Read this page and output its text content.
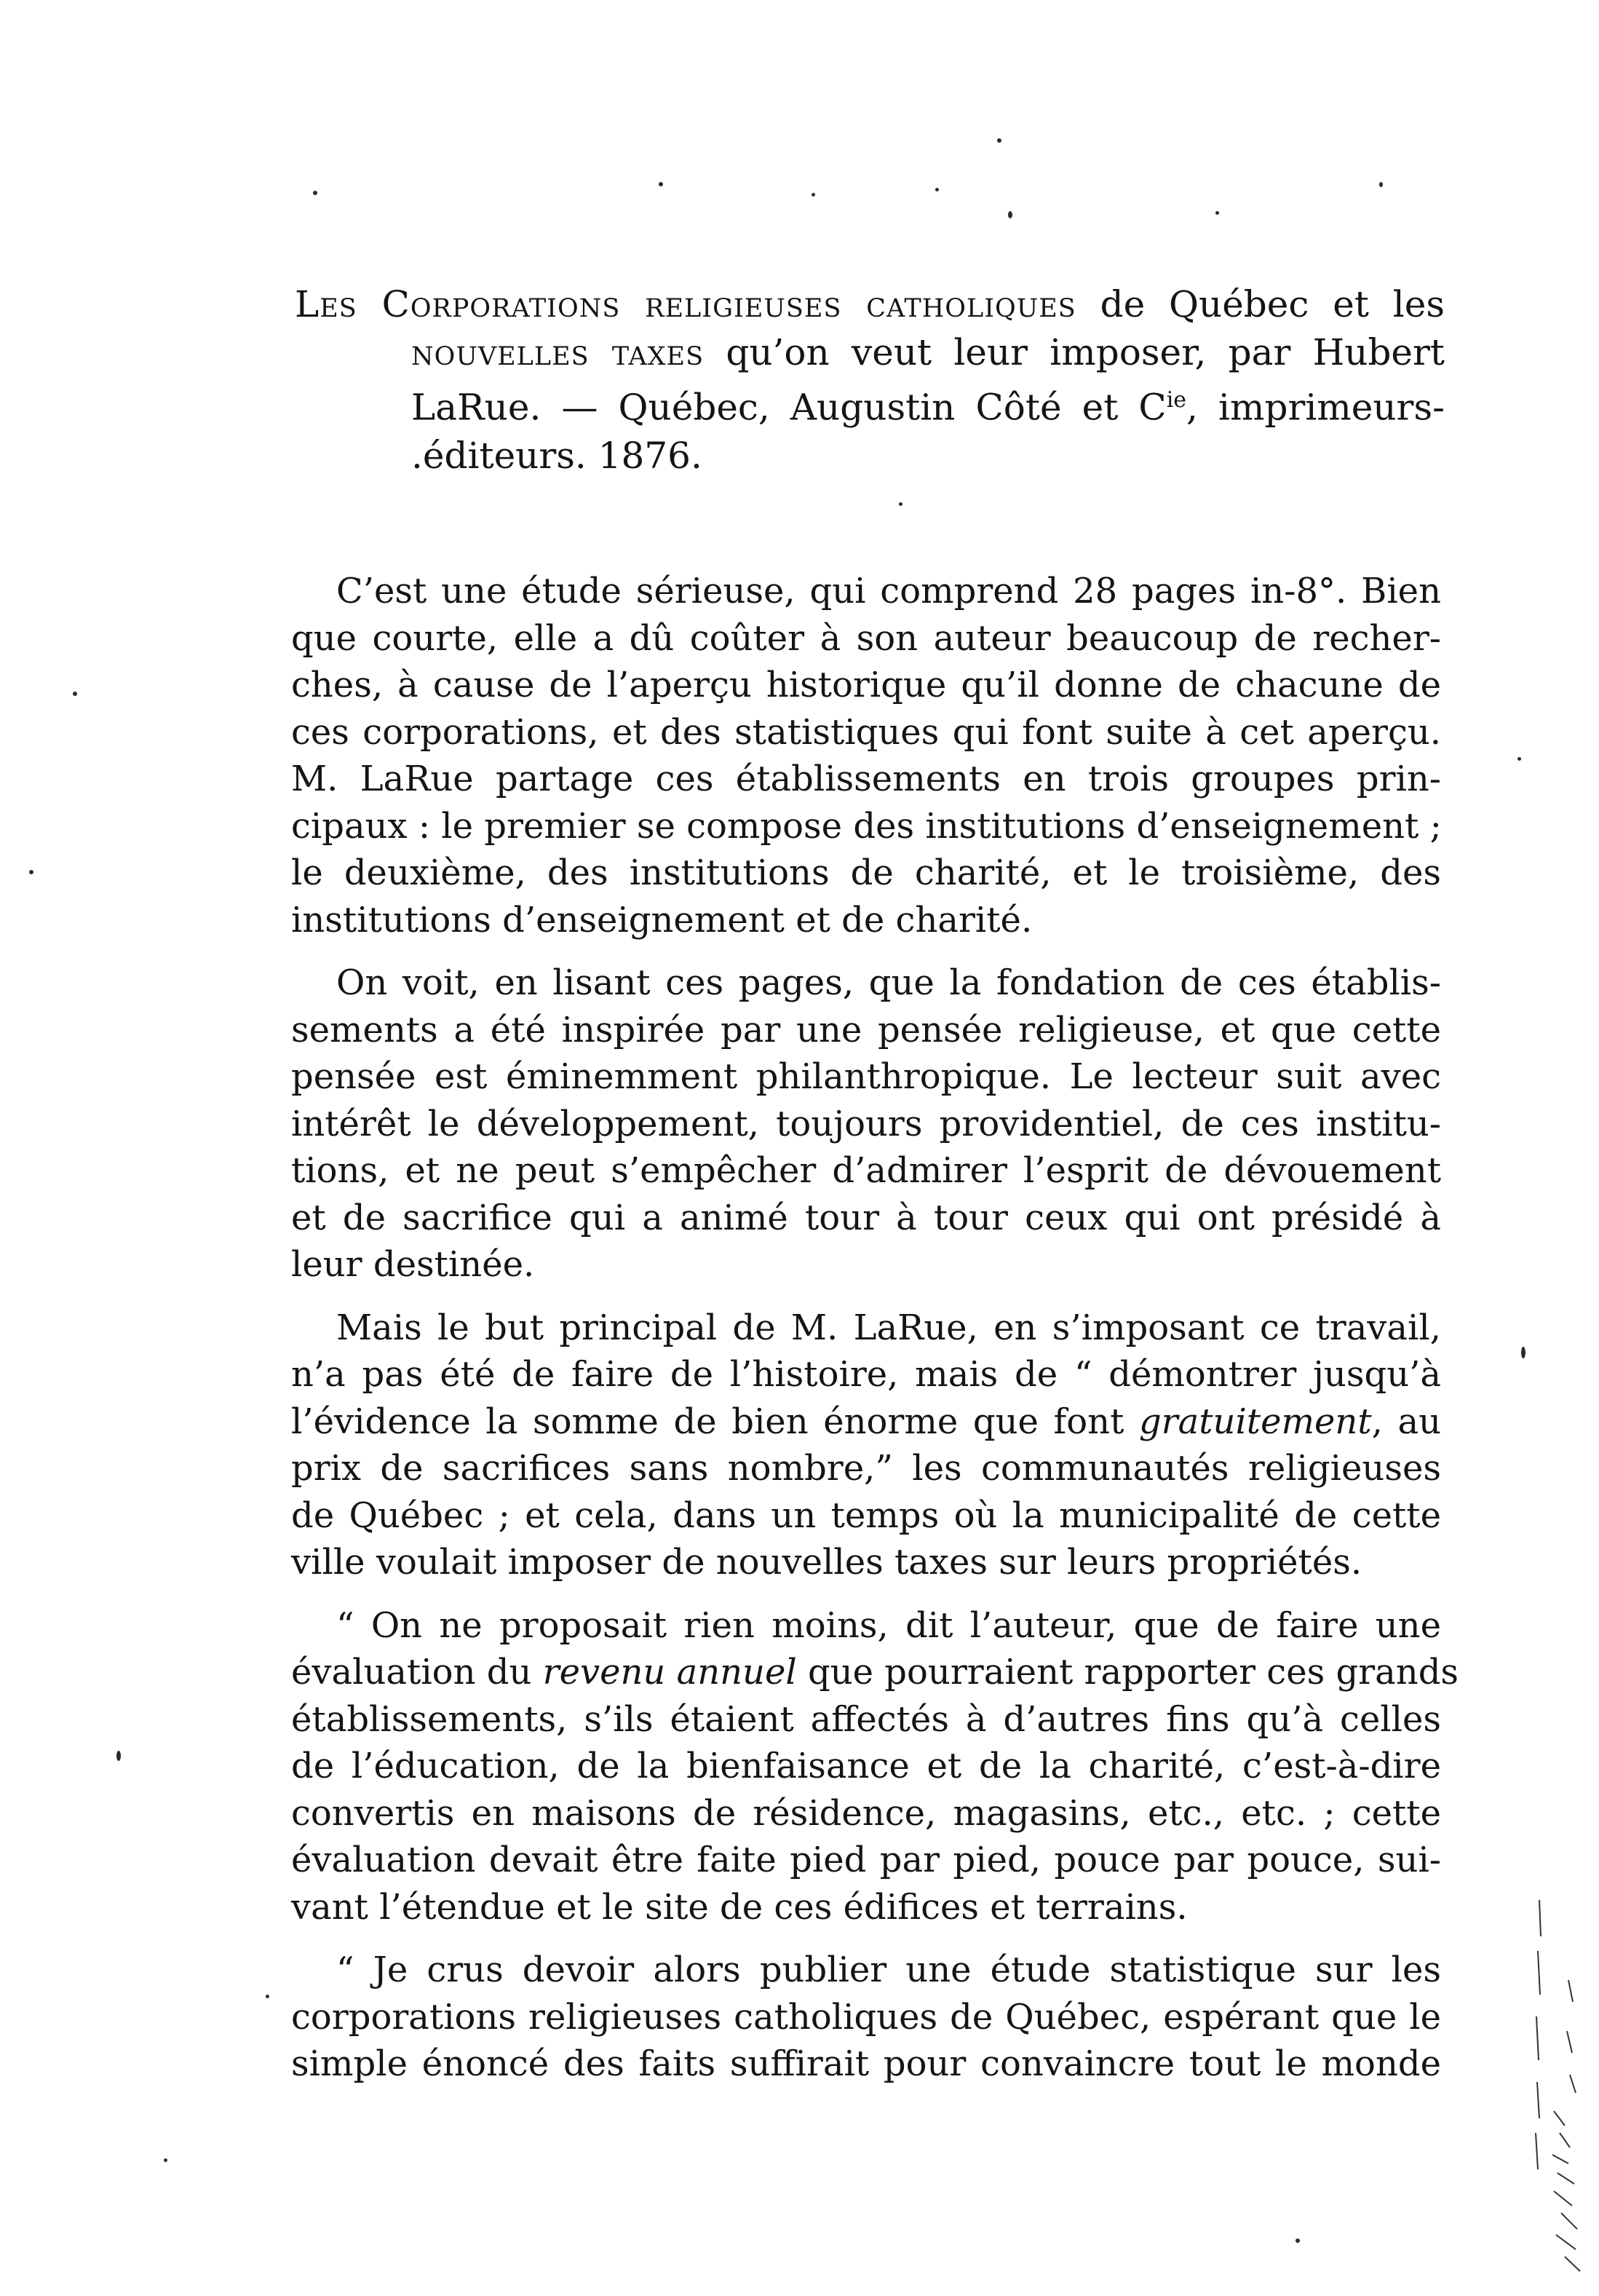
Les Corporations religieuses catholiques de Québec et les
nouvelles taxes qu’on veut leur imposer, par Hubert
LaRue. — Québec, Augustin Côté et $C^{ie}$, imprimeurs-
.éditeurs. 1876.
C’est une étude sérieuse, qui comprend 28 pages in-8°. Bien
que courte, elle a dû coûter à son auteur beaucoup de recher-
ches, à cause de l’aperçu historique qu’il donne de chacune de
ces corporations, et des statistiques qui font suite à cet aperçu.
M. LaRue partage ces établissements en trois groupes prin-
cipaux : le premier se compose des institutions d’enseignement ;
le deuxième, des institutions de charité, et le troisième, des
institutions d’enseignement et de charité.
On voit, en lisant ces pages, que la fondation de ces établis-
sements a été inspirée par une pensée religieuse, et que cette
pensée est éminemment philanthropique. Le lecteur suit avec
intérêt le développement, toujours providentiel, de ces institu-
tions, et ne peut s’empêcher d’admirer l’esprit de dévouement
et de sacrifice qui a animé tour à tour ceux qui ont présidé à
leur destinée.
Mais le but principal de M. LaRue, en s’imposant ce travail,
n’a pas été de faire de l’histoire, mais de “ démontrer jusqu’à
l’évidence la somme de bien énorme que font gratuitement, au
prix de sacrifices sans nombre,” les communautés religieuses
de Québec ; et cela, dans un temps où la municipalité de cette
ville voulait imposer de nouvelles taxes sur leurs propriétés.
“ On ne proposait rien moins, dit l’auteur, que de faire une
évaluation du revenu annuel que pourraient rapporter ces grands
établissements, s’ils étaient affectés à d’autres fins qu’à celles
de l’éducation, de la bienfaisance et de la charité, c’est-à-dire
convertis en maisons de résidence, magasins, etc., etc. ; cette
évaluation devait être faite pied par pied, pouce par pouce, sui-
vant l’étendue et le site de ces édifices et terrains.
“ Je crus devoir alors publier une étude statistique sur les
corporations religieuses catholiques de Québec, espérant que le
simple énoncé des faits suffirait pour convaincre tout le monde
